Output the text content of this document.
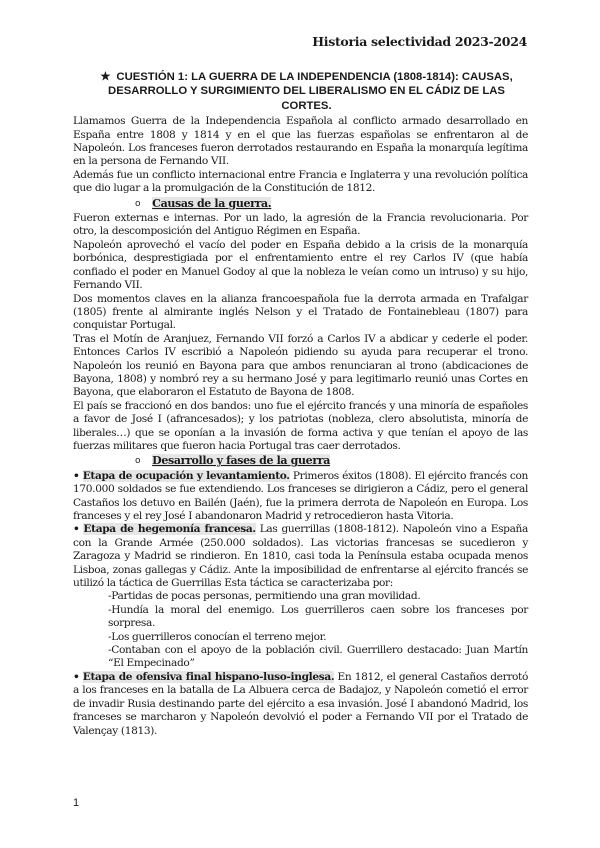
Historia selectividad 2023-2024
★ CUESTIÓN 1: LA GUERRA DE LA INDEPENDENCIA (1808-1814): CAUSAS, DESARROLLO Y SURGIMIENTO DEL LIBERALISMO EN EL CÁDIZ DE LAS CORTES.

Llamamos Guerra de la Independencia Española al conflicto armado desarrollado en España entre 1808 y 1814 y en el que las fuerzas españolas se enfrentaron al de Napoleón. Los franceses fueron derrotados restaurando en España la monarquía legítima en la persona de Fernando VII.

Además fue un conflicto internacional entre Francia e Inglaterra y una revolución política que dio lugar a la promulgación de la Constitución de 1812.

o Causas de la guerra.

Fueron externas e internas. Por un lado, la agresión de la Francia revolucionaria. Por otro, la descomposición del Antiguo Régimen en España.

Napoleón aprovechó el vacío del poder en España debido a la crisis de la monarquía borbónica, desprestigiada por el enfrentamiento entre el rey Carlos IV (que había confiado el poder en Manuel Godoy al que la nobleza le veían como un intruso) y su hijo, Fernando VII.

Dos momentos claves en la alianza francoespañola fue la derrota armada en Trafalgar (1805) frente al almirante inglés Nelson y el Tratado de Fontainebleau (1807) para conquistar Portugal.

Tras el Motín de Aranjuez, Fernando VII forzó a Carlos IV a abdicar y cederle el poder. Entonces Carlos IV escribió a Napoleón pidiendo su ayuda para recuperar el trono. Napoleón los reunió en Bayona para que ambos renunciaran al trono (abdicaciones de Bayona, 1808) y nombró rey a su hermano José y para legitimarlo reunió unas Cortes en Bayona, que elaboraron el Estatuto de Bayona de 1808.

El país se fraccionó en dos bandos: uno fue el ejército francés y una minoría de españoles a favor de José I (afrancesados); y los patriotas (nobleza, clero absolutista, minoría de liberales…) que se oponían a la invasión de forma activa y que tenían el apoyo de las fuerzas militares que fueron hacia Portugal tras caer derrotados.

o Desarrollo y fases de la guerra

• Etapa de ocupación y levantamiento. Primeros éxitos (1808). El ejército francés con 170.000 soldados se fue extendiendo. Los franceses se dirigieron a Cádiz, pero el general Castaños los detuvo en Bailén (Jaén), fue la primera derrota de Napoleón en Europa. Los franceses y el rey José I abandonaron Madrid y retrocedieron hasta Vitoria.

• Etapa de hegemonía francesa. Las guerrillas (1808-1812). Napoleón vino a España con la Grande Armée (250.000 soldados). Las victorias francesas se sucedieron y Zaragoza y Madrid se rindieron. En 1810, casi toda la Península estaba ocupada menos Lisboa, zonas gallegas y Cádiz. Ante la imposibilidad de enfrentarse al ejército francés se utilizó la táctica de Guerrillas Esta táctica se caracterizaba por:

-Partidas de pocas personas, permitiendo una gran movilidad.

-Hundía la moral del enemigo. Los guerrilleros caen sobre los franceses por sorpresa.

-Los guerrilleros conocían el terreno mejor.

-Contaban con el apoyo de la población civil. Guerrillero destacado: Juan Martín “El Empecinado”

• Etapa de ofensiva final hispano-luso-inglesa. En 1812, el general Castaños derrotó a los franceses en la batalla de La Albuera cerca de Badajoz, y Napoleón cometió el error de invadir Rusia destinando parte del ejército a esa invasión. José I abandonó Madrid, los franceses se marcharon y Napoleón devolvió el poder a Fernando VII por el Tratado de Valençay (1813).

1
